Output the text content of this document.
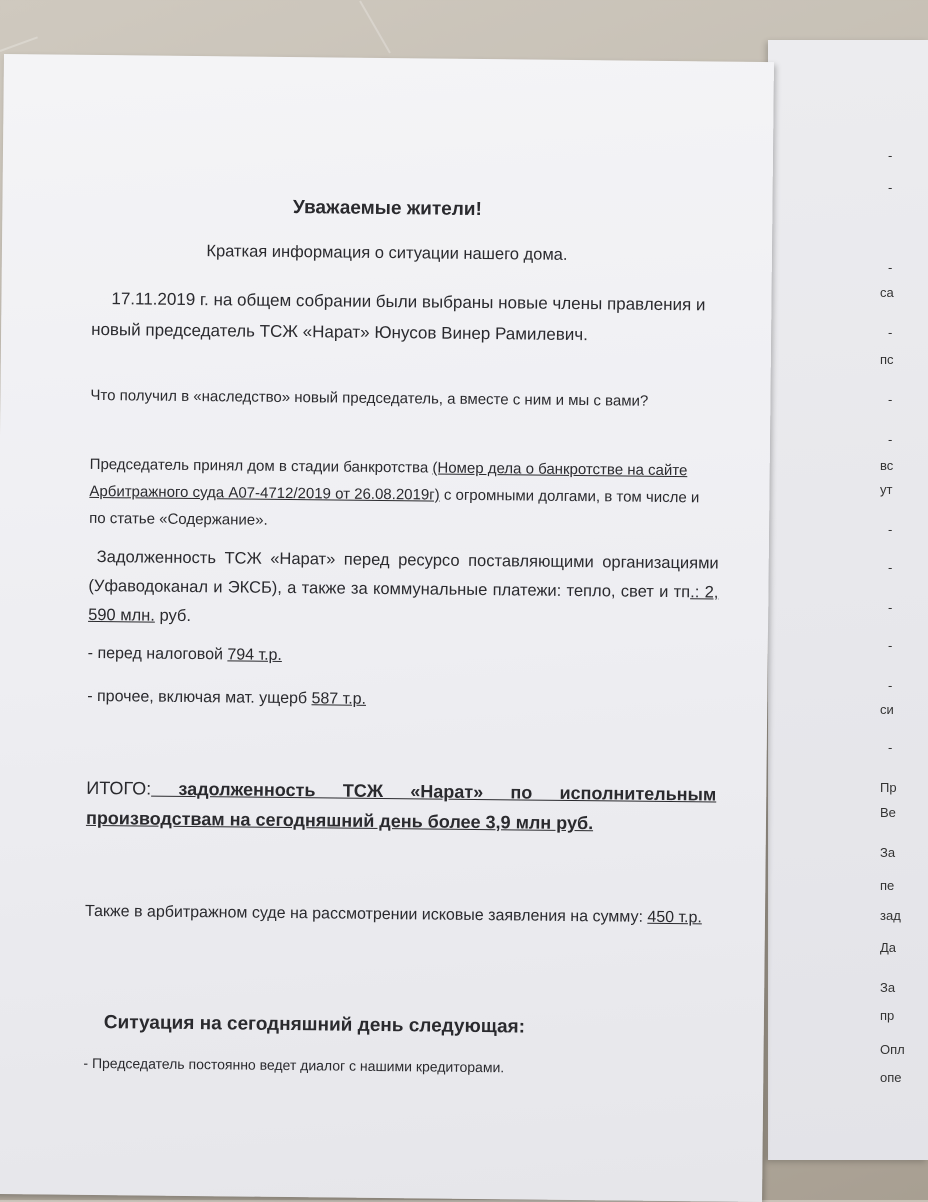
-
-
-
са
-
пс
-
-
вс
ут
-
-
-
-
-
си
-
Пр
Ве
За
пе
зад
Да
За
пр
Опл
опе
Уважаемые жители!
Краткая информация о ситуации нашего дома.
17.11.2019 г. на общем собрании были выбраны новые члены правления и новый председатель ТСЖ «Нарат» Юнусов Винер Рамилевич.
Что получил в «наследство» новый председатель, а вместе с ним и мы с вами?
Председатель принял дом в стадии банкротства (Номер дела о банкротстве на сайте Арбитражного суда А07-4712/2019 от 26.08.2019г) с огромными долгами, в том числе и по статье «Содержание».
Задолженность ТСЖ «Нарат» перед ресурсо поставляющими организациями (Уфаводоканал и ЭКСБ), а также за коммунальные платежи: тепло, свет и тп.: 2, 590 млн. руб.
- перед налоговой 794 т.р.
- прочее, включая мат. ущерб 587 т.р.
ИТОГО: задолженность ТСЖ «Нарат» по исполнительным производствам на сегодняшний день более 3,9 млн руб.
Также в арбитражном суде на рассмотрении исковые заявления на сумму: 450 т.р.
Ситуация на сегодняшний день следующая:
- Председатель постоянно ведет диалог с нашими кредиторами.
